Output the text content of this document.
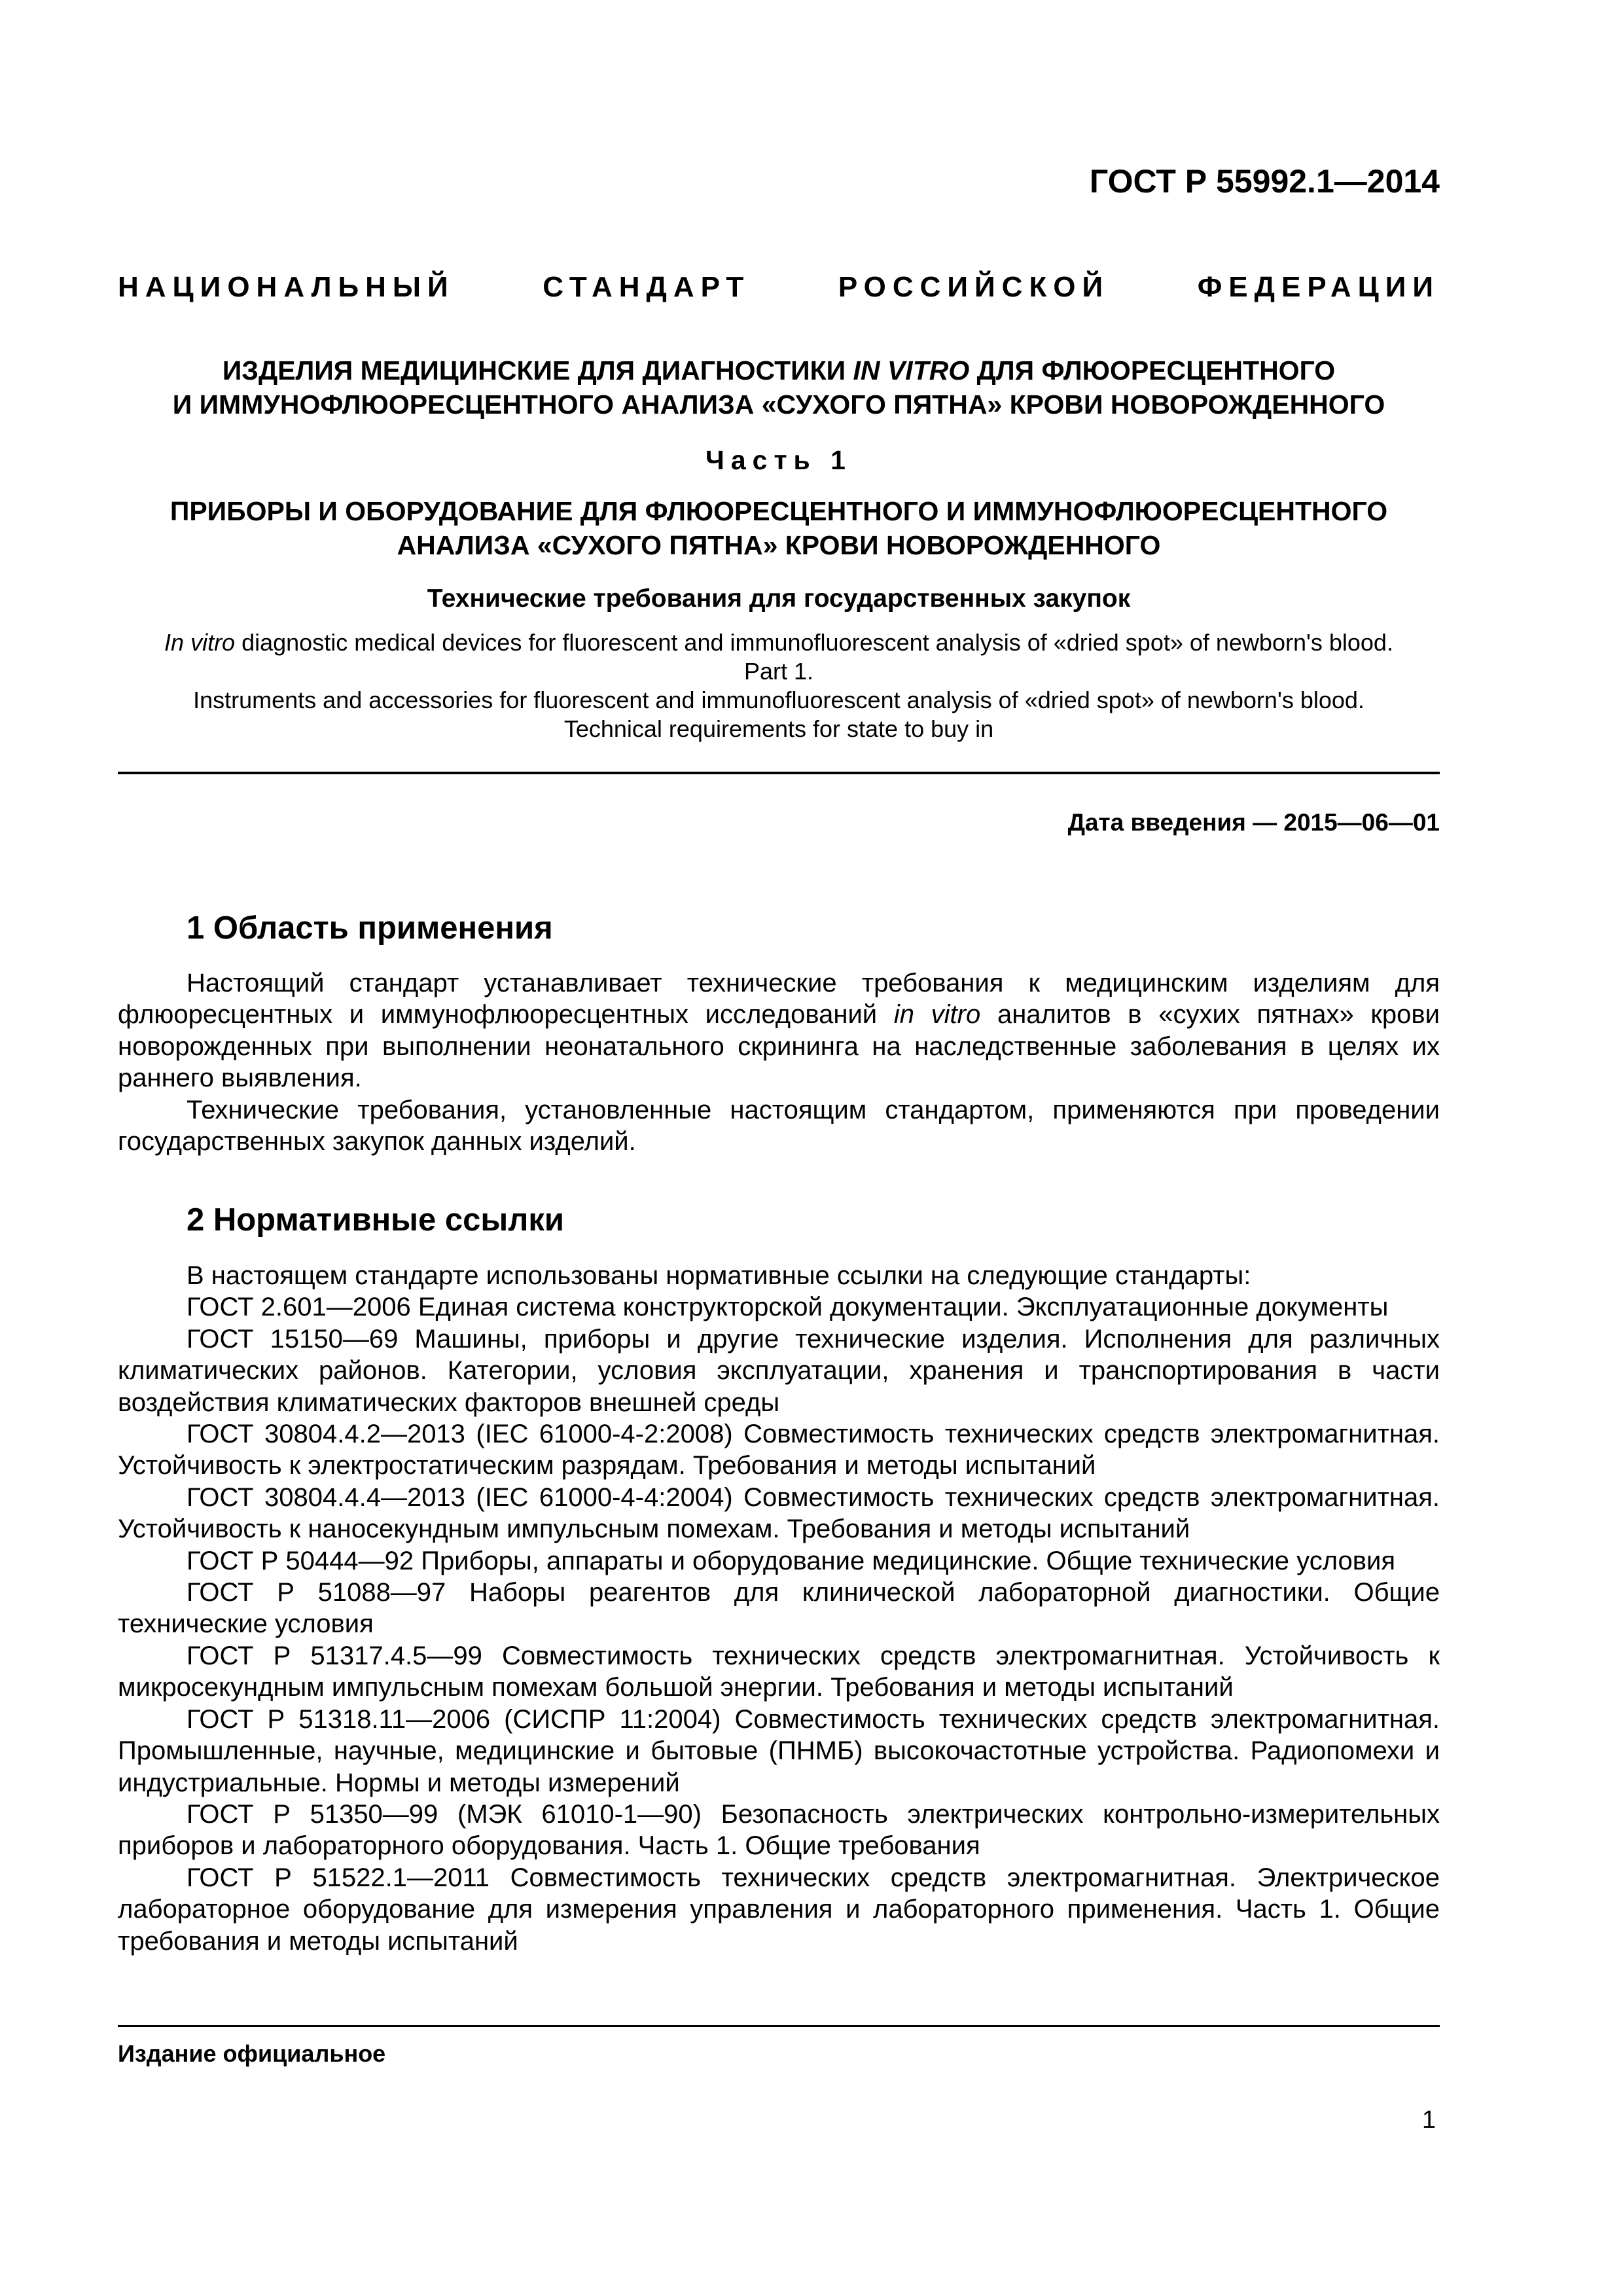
ГОСТ Р 55992.1—2014
НАЦИОНАЛЬНЫЙ СТАНДАРТ РОССИЙСКОЙ ФЕДЕРАЦИИ
ИЗДЕЛИЯ МЕДИЦИНСКИЕ ДЛЯ ДИАГНОСТИКИ IN VITRO ДЛЯ ФЛЮОРЕСЦЕНТНОГО
И ИММУНОФЛЮОРЕСЦЕНТНОГО АНАЛИЗА «СУХОГО ПЯТНА» КРОВИ НОВОРОЖДЕННОГО
Часть 1
ПРИБОРЫ И ОБОРУДОВАНИЕ ДЛЯ ФЛЮОРЕСЦЕНТНОГО И ИММУНОФЛЮОРЕСЦЕНТНОГО
АНАЛИЗА «СУХОГО ПЯТНА» КРОВИ НОВОРОЖДЕННОГО
Технические требования для государственных закупок
In vitro diagnostic medical devices for fluorescent and immunofluorescent analysis of «dried spot» of newborn's blood.
Part 1.
Instruments and accessories for fluorescent and immunofluorescent analysis of «dried spot» of newborn's blood.
Technical requirements for state to buy in
Дата введения — 2015—06—01
1 Область применения

Настоящий стандарт устанавливает технические требования к медицинским изделиям для флюоресцентных и иммунофлюоресцентных исследований in vitro аналитов в «сухих пятнах» крови новорожденных при выполнении неонатального скрининга на наследственные заболевания в целях их раннего выявления.

Технические требования, установленные настоящим стандартом, применяются при проведении государственных закупок данных изделий.

2 Нормативные ссылки

В настоящем стандарте использованы нормативные ссылки на следующие стандарты:

ГОСТ 2.601—2006 Единая система конструкторской документации. Эксплуатационные документы

ГОСТ 15150—69 Машины, приборы и другие технические изделия. Исполнения для различных климатических районов. Категории, условия эксплуатации, хранения и транспортирования в части воздействия климатических факторов внешней среды

ГОСТ 30804.4.2—2013 (IEC 61000-4-2:2008) Совместимость технических средств электромагнитная. Устойчивость к электростатическим разрядам. Требования и методы испытаний

ГОСТ 30804.4.4—2013 (IEC 61000-4-4:2004) Совместимость технических средств электромагнитная. Устойчивость к наносекундным импульсным помехам. Требования и методы испытаний

ГОСТ Р 50444—92 Приборы, аппараты и оборудование медицинские. Общие технические условия

ГОСТ Р 51088—97 Наборы реагентов для клинической лабораторной диагностики. Общие технические условия

ГОСТ Р 51317.4.5—99 Совместимость технических средств электромагнитная. Устойчивость к микросекундным импульсным помехам большой энергии. Требования и методы испытаний

ГОСТ Р 51318.11—2006 (СИСПР 11:2004) Совместимость технических средств электромагнитная. Промышленные, научные, медицинские и бытовые (ПНМБ) высокочастотные устройства. Радиопомехи и индустриальные. Нормы и методы измерений

ГОСТ Р 51350—99 (МЭК 61010-1—90) Безопасность электрических контрольно-измерительных приборов и лабораторного оборудования. Часть 1. Общие требования

ГОСТ Р 51522.1—2011 Совместимость технических средств электромагнитная. Электрическое лабораторное оборудование для измерения управления и лабораторного применения. Часть 1. Общие требования и методы испытаний

Издание официальное
1
